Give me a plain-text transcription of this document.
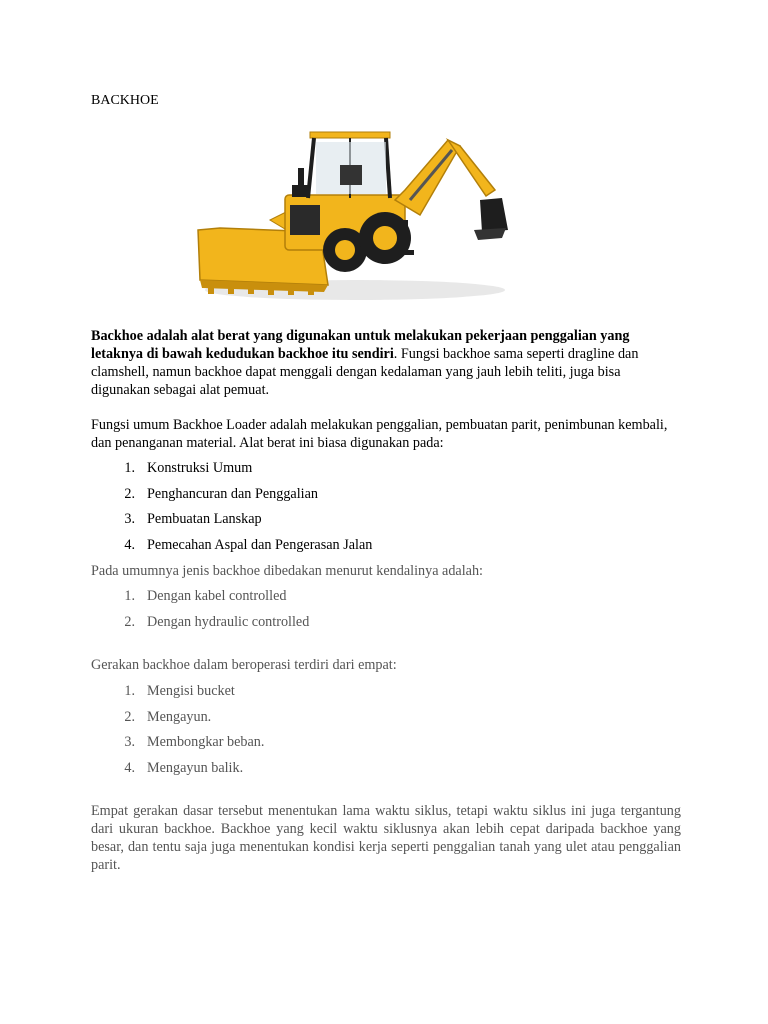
BACKHOE

Backhoe adalah alat berat yang digunakan untuk melakukan pekerjaan penggalian yang letaknya di bawah kedudukan backhoe itu sendiri. Fungsi backhoe sama seperti dragline dan clamshell, namun backhoe dapat menggali dengan kedalaman yang jauh lebih teliti, juga bisa digunakan sebagai alat pemuat.

Fungsi umum Backhoe Loader adalah melakukan penggalian, pembuatan parit, penimbunan kembali, dan penanganan material. Alat berat ini biasa digunakan pada:

1. Konstruksi Umum
2. Penghancuran dan Penggalian
3. Pembuatan Lanskap
4. Pemecahan Aspal dan Pengerasan Jalan

Pada umumnya jenis backhoe dibedakan menurut kendalinya adalah:

1. Dengan kabel controlled
2. Dengan hydraulic controlled

Gerakan backhoe dalam beroperasi terdiri dari empat:

1. Mengisi bucket
2. Mengayun.
3. Membongkar beban.
4. Mengayun balik.

Empat gerakan dasar tersebut menentukan lama waktu siklus, tetapi waktu siklus ini juga tergantung dari ukuran backhoe. Backhoe yang kecil waktu siklusnya akan lebih cepat daripada backhoe yang besar, dan tentu saja juga menentukan kondisi kerja seperti penggalian tanah yang ulet atau penggalian parit.
